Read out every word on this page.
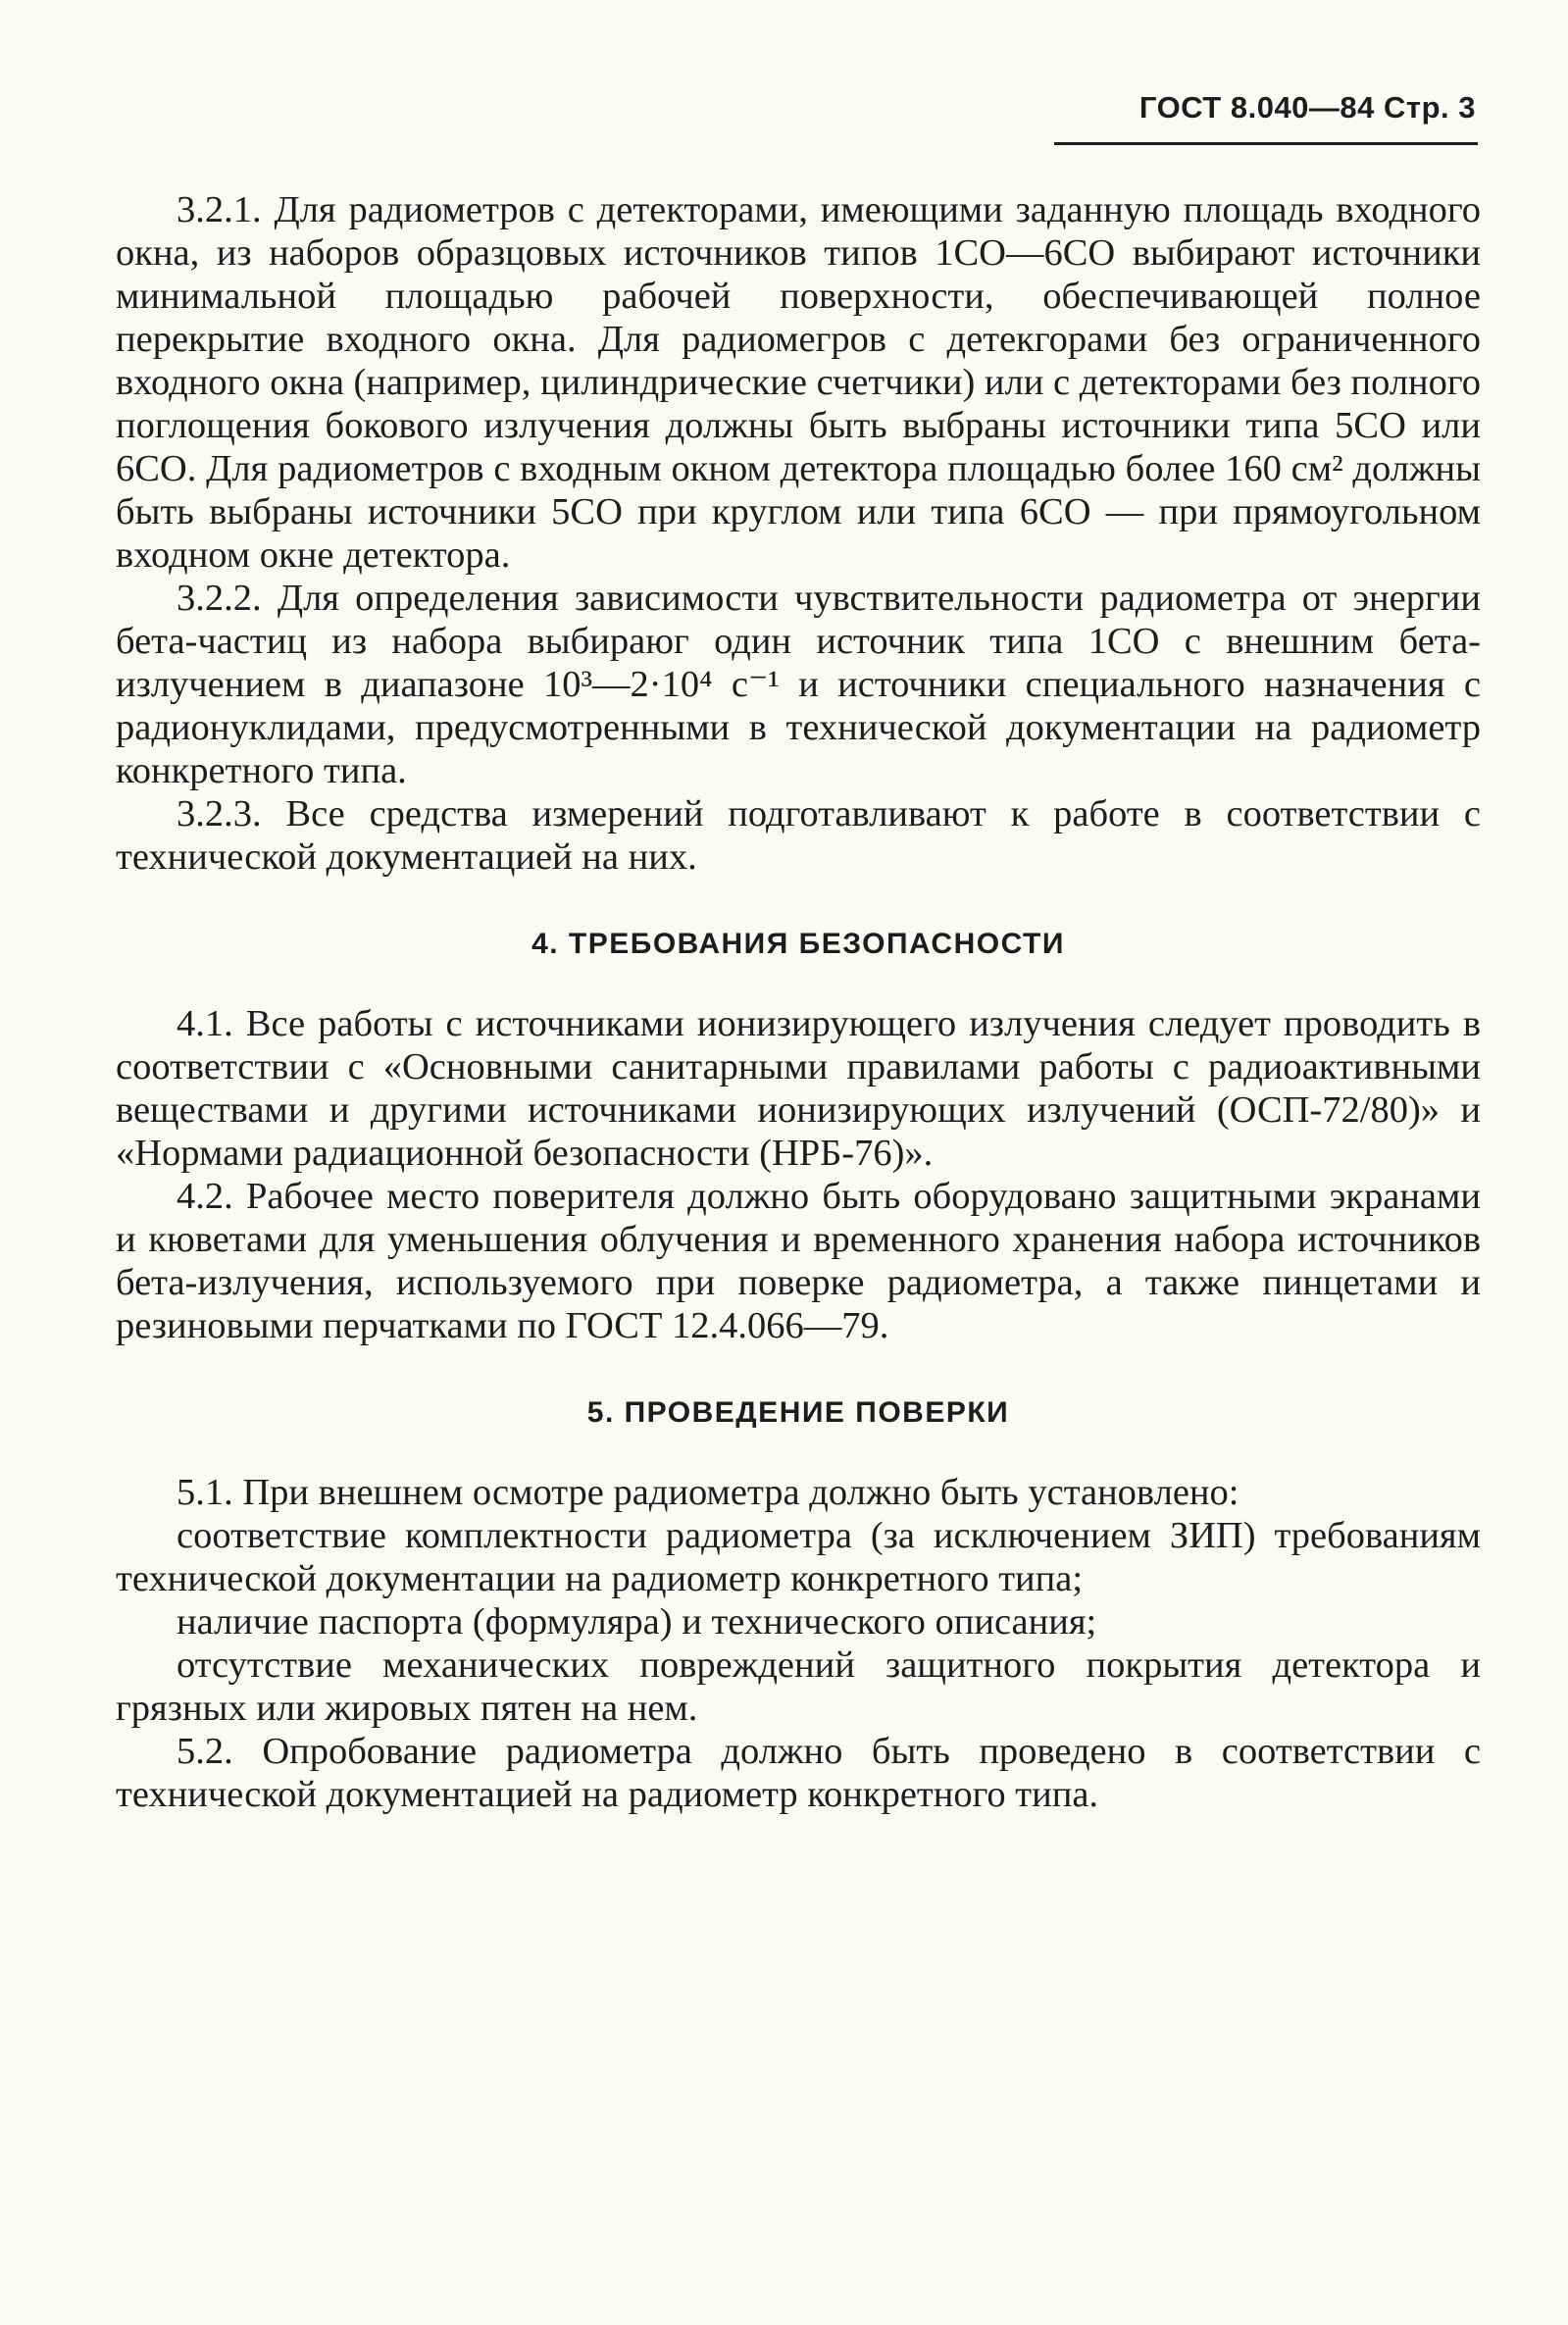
ГОСТ 8.040—84 Стр. 3

3.2.1. Для радиометров с детекторами, имеющими заданную площадь входного окна, из наборов образцовых источников типов 1СО—6СО выбирают источники минимальной площадью рабочей поверхности, обеспечивающей полное перекрытие входного окна. Для радиомегров с детекгорами без ограниченного входного окна (например, цилиндрические счетчики) или с детекторами без полного поглощения бокового излучения должны быть выбраны источники типа 5СО или 6СО. Для радиометров с входным окном детектора площадью более 160 см² должны быть выбраны источники 5СО при круглом или типа 6СО — при прямоугольном входном окне детектора.

3.2.2. Для определения зависимости чувствительности радиометра от энергии бета-частиц из набора выбираюг один источник типа 1СО с внешним бета-излучением в диапазоне 10³—2·10⁴ с⁻¹ и источники специального назначения с радионуклидами, предусмотренными в технической документации на радиометр конкретного типа.

3.2.3. Все средства измерений подготавливают к работе в соответствии с технической документацией на них.

4. ТРЕБОВАНИЯ БЕЗОПАСНОСТИ

4.1. Все работы с источниками ионизирующего излучения следует проводить в соответствии с «Основными санитарными правилами работы с радиоактивными веществами и другими источниками ионизирующих излучений (ОСП-72/80)» и «Нормами радиационной безопасности (НРБ-76)».

4.2. Рабочее место поверителя должно быть оборудовано защитными экранами и кюветами для уменьшения облучения и временного хранения набора источников бета-излучения, используемого при поверке радиометра, а также пинцетами и резиновыми перчатками по ГОСТ 12.4.066—79.

5. ПРОВЕДЕНИЕ ПОВЕРКИ

5.1. При внешнем осмотре радиометра должно быть установлено:

соответствие комплектности радиометра (за исключением ЗИП) требованиям технической документации на радиометр конкретного типа;

наличие паспорта (формуляра) и технического описания;

отсутствие механических повреждений защитного покрытия детектора и грязных или жировых пятен на нем.

5.2. Опробование радиометра должно быть проведено в соответствии с технической документацией на радиометр конкретного типа.
